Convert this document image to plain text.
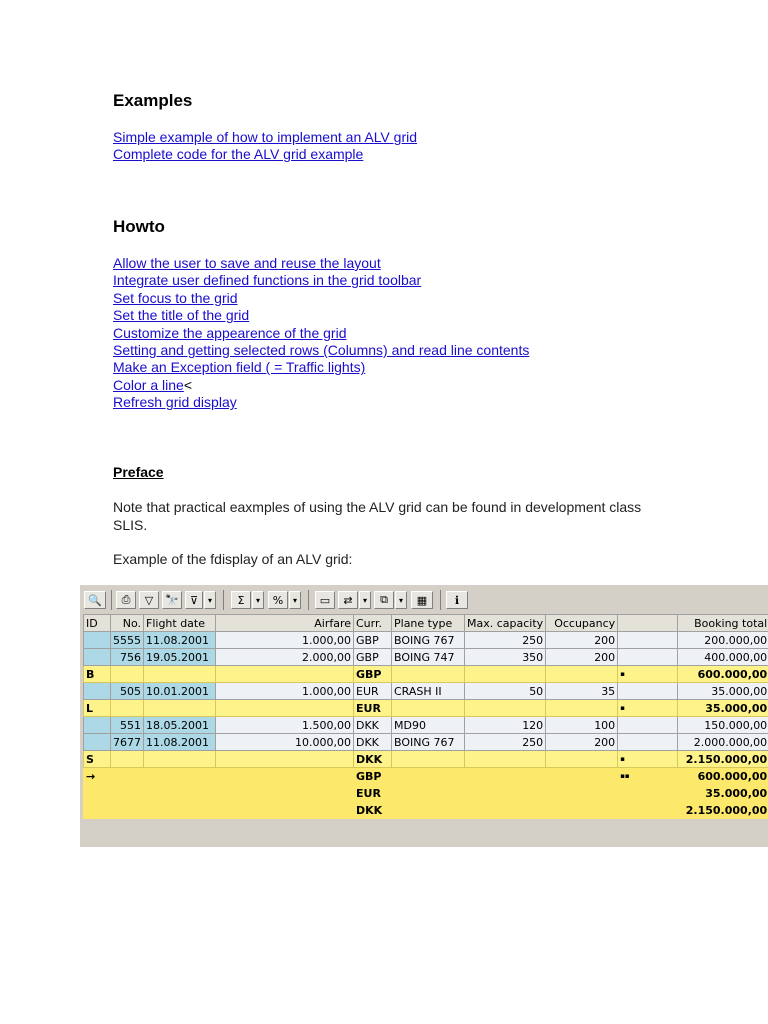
Examples
Simple example of how to implement an ALV grid
Complete code for the ALV grid example
Howto
Allow the user to save and reuse the layout
Integrate user defined functions in the grid toolbar
Set focus to the grid
Set the title of the grid
Customize the appearence of the grid
Setting and getting selected rows (Columns) and read line contents
Make an Exception field ( = Traffic lights)
Color a line<
Refresh grid display
Preface
Note that practical eaxmples of using the ALV grid can be found in development class SLIS.
Example of the fdisplay of an ALV grid:
🔍	⎙	▽	🔭	⊽	▾	Σ	▾	%	▾	▭	⇄	▾	⧉	▾	▦	ℹ
ID	No.	Flight date	Airfare	Curr.	Plane type	Max. capacity	Occupancy		Booking total
	5555	11.08.2001	1.000,00	GBP	BOING 767	250	200		200.000,00
	756	19.05.2001	2.000,00	GBP	BOING 747	350	200		400.000,00
B				GBP				▪	600.000,00
	505	10.01.2001	1.000,00	EUR	CRASH II	50	35		35.000,00
L				EUR				▪	35.000,00
	551	18.05.2001	1.500,00	DKK	MD90	120	100		150.000,00
	7677	11.08.2001	10.000,00	DKK	BOING 767	250	200		2.000.000,00
S				DKK				▪	2.150.000,00
→				GBP				▪▪	600.000,00
				EUR					35.000,00
				DKK					2.150.000,00
